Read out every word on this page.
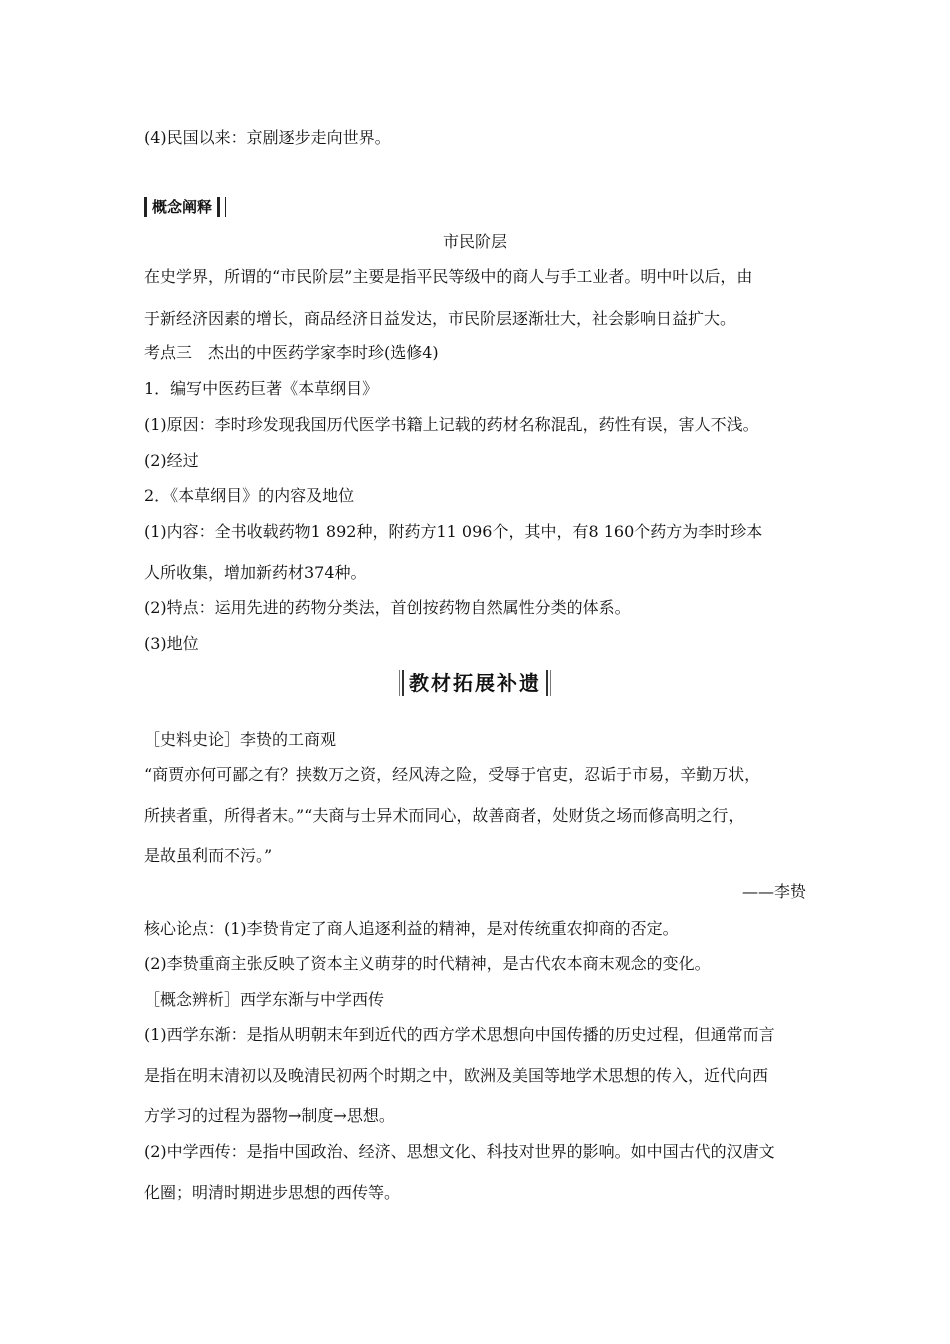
(4)民国以来：京剧逐步走向世界。
概念阐释
市民阶层
在史学界，所谓的“市民阶层”主要是指平民等级中的商人与手工业者。明中叶以后，由
于新经济因素的增长，商品经济日益发达，市民阶层逐渐壮大，社会影响日益扩大。
考点三　杰出的中医药学家李时珍(选修4)
1．编写中医药巨著《本草纲目》
(1)原因：李时珍发现我国历代医学书籍上记载的药材名称混乱，药性有误，害人不浅。
(2)经过
2．《本草纲目》的内容及地位
(1)内容：全书收载药物1 892种，附药方11 096个，其中，有8 160个药方为李时珍本
人所收集，增加新药材374种。
(2)特点：运用先进的药物分类法，首创按药物自然属性分类的体系。
(3)地位
教材拓展补遗
［史料史论］李贽的工商观
“商贾亦何可鄙之有？挟数万之资，经风涛之险，受辱于官吏，忍诟于市易，辛勤万状，
所挟者重，所得者末。”“夫商与士异术而同心，故善商者，处财货之场而修高明之行，
是故虽利而不污。”
——李贽
核心论点：(1)李贽肯定了商人追逐利益的精神，是对传统重农抑商的否定。
(2)李贽重商主张反映了资本主义萌芽的时代精神，是古代农本商末观念的变化。
［概念辨析］西学东渐与中学西传
(1)西学东渐：是指从明朝末年到近代的西方学术思想向中国传播的历史过程，但通常而言
是指在明末清初以及晚清民初两个时期之中，欧洲及美国等地学术思想的传入，近代向西
方学习的过程为器物→制度→思想。
(2)中学西传：是指中国政治、经济、思想文化、科技对世界的影响。如中国古代的汉唐文
化圈；明清时期进步思想的西传等。
